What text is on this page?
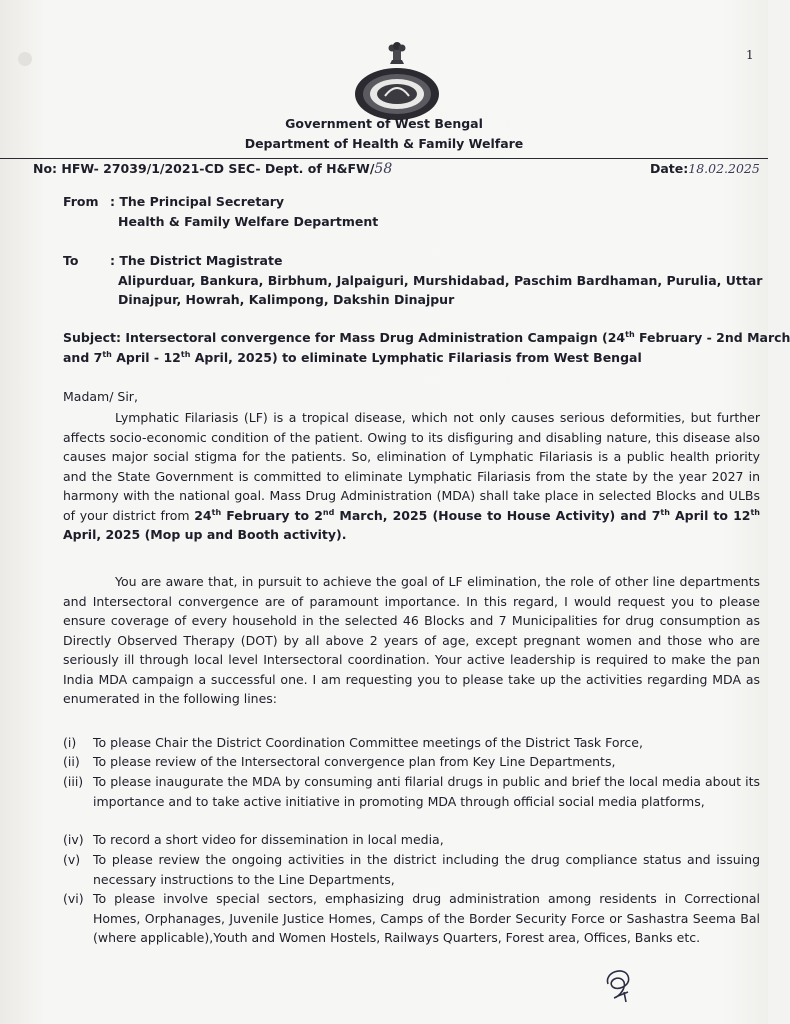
1
Government of West Bengal
Department of Health & Family Welfare
No: HFW- 27039/1/2021-CD SEC- Dept. of H&FW/58	Date:18.02.2025
From : The Principal Secretary
Health & Family Welfare Department
To	: The District Magistrate
Alipurduar, Bankura, Birbhum, Jalpaiguri, Murshidabad, Paschim Bardhaman, Purulia, Uttar
Dinajpur, Howrah, Kalimpong, Dakshin Dinajpur
Subject: Intersectoral convergence for Mass Drug Administration Campaign (24th February - 2nd March
and 7th April - 12th April, 2025) to eliminate Lymphatic Filariasis from West Bengal
Madam/ Sir,
Lymphatic Filariasis (LF) is a tropical disease, which not only causes serious deformities, but further affects socio-economic condition of the patient. Owing to its disfiguring and disabling nature, this disease also causes major social stigma for the patients. So, elimination of Lymphatic Filariasis is a public health priority and the State Government is committed to eliminate Lymphatic Filariasis from the state by the year 2027 in harmony with the national goal. Mass Drug Administration (MDA) shall take place in selected Blocks and ULBs of your district from 24th February to 2nd March, 2025 (House to House Activity) and 7th April to 12th April, 2025 (Mop up and Booth activity).
You are aware that, in pursuit to achieve the goal of LF elimination, the role of other line departments and Intersectoral convergence are of paramount importance. In this regard, I would request you to please ensure coverage of every household in the selected 46 Blocks and 7 Municipalities for drug consumption as Directly Observed Therapy (DOT) by all above 2 years of age, except pregnant women and those who are seriously ill through local level Intersectoral coordination. Your active leadership is required to make the pan India MDA campaign a successful one. I am requesting you to please take up the activities regarding MDA as enumerated in the following lines:
(i)	To please Chair the District Coordination Committee meetings of the District Task Force,
(ii)	To please review of the Intersectoral convergence plan from Key Line Departments,
(iii) To please inaugurate the MDA by consuming anti filarial drugs in public and brief the local media about its importance and to take active initiative in promoting MDA through official social media platforms,
(iv) To record a short video for dissemination in local media,
(v)	To please review the ongoing activities in the district including the drug compliance status and issuing necessary instructions to the Line Departments,
(vi) To please involve special sectors, emphasizing drug administration among residents in Correctional Homes, Orphanages, Juvenile Justice Homes, Camps of the Border Security Force or Sashastra Seema Bal (where applicable),Youth and Women Hostels, Railways Quarters, Forest area, Offices, Banks etc.
